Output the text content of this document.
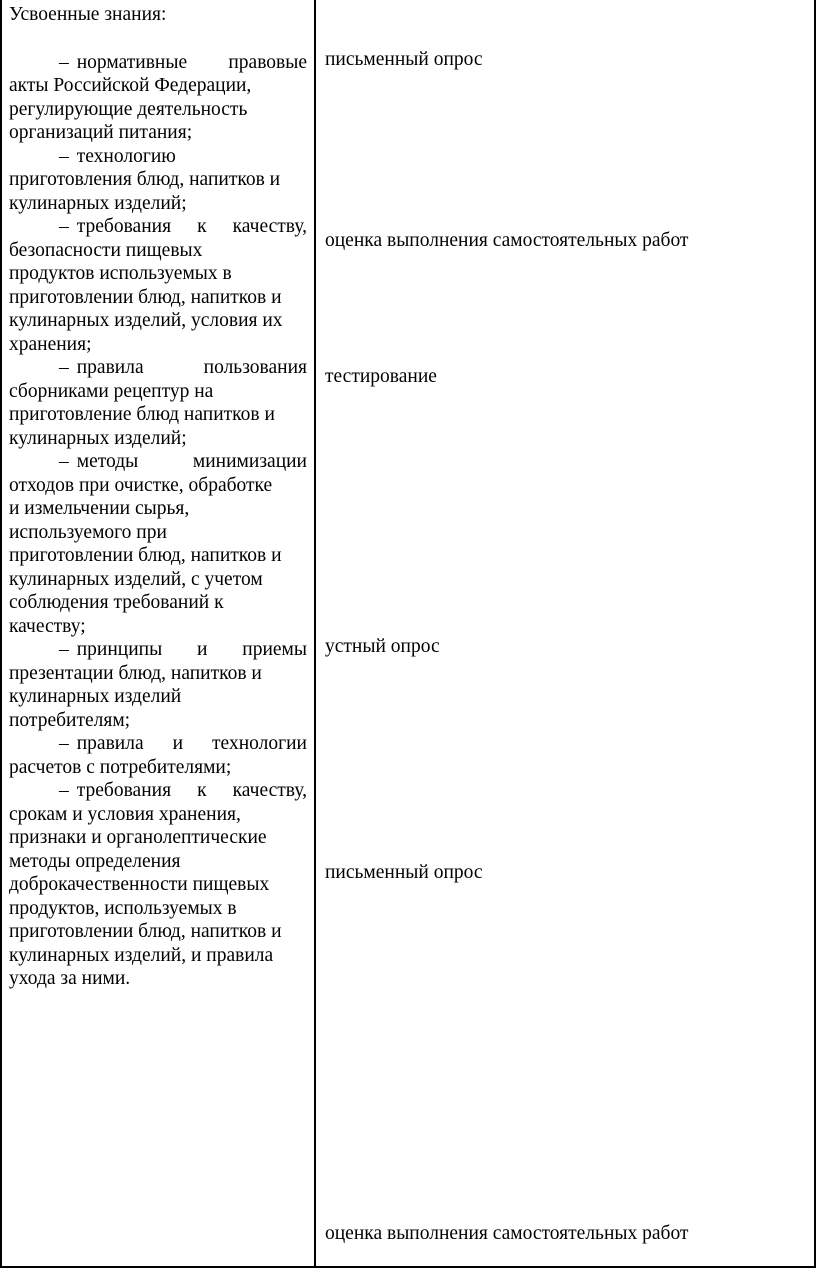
Усвоенные знания:

– нормативные правовые
акты Российской Федерации,
регулирующие деятельность
организаций питания;

– технологию
приготовления блюд, напитков и
кулинарных изделий;

– требования к качеству,
безопасности пищевых
продуктов используемых в
приготовлении блюд, напитков и
кулинарных изделий, условия их
хранения;

– правила пользования
сборниками рецептур на
приготовление блюд напитков и
кулинарных изделий;

– методы минимизации
отходов при очистке, обработке
и измельчении сырья,
используемого при
приготовлении блюд, напитков и
кулинарных изделий, с учетом
соблюдения требований к
качеству;

– принципы и приемы
презентации блюд, напитков и
кулинарных изделий
потребителям;

– правила и технологии
расчетов с потребителями;

– требования к качеству,
срокам и условия хранения,
признаки и органолептические
методы определения
доброкачественности пищевых
продуктов, используемых в
приготовлении блюд, напитков и
кулинарных изделий, и правила
ухода за ними.

письменный опрос

оценка выполнения самостоятельных работ

тестирование

устный опрос

письменный опрос

оценка выполнения самостоятельных работ
